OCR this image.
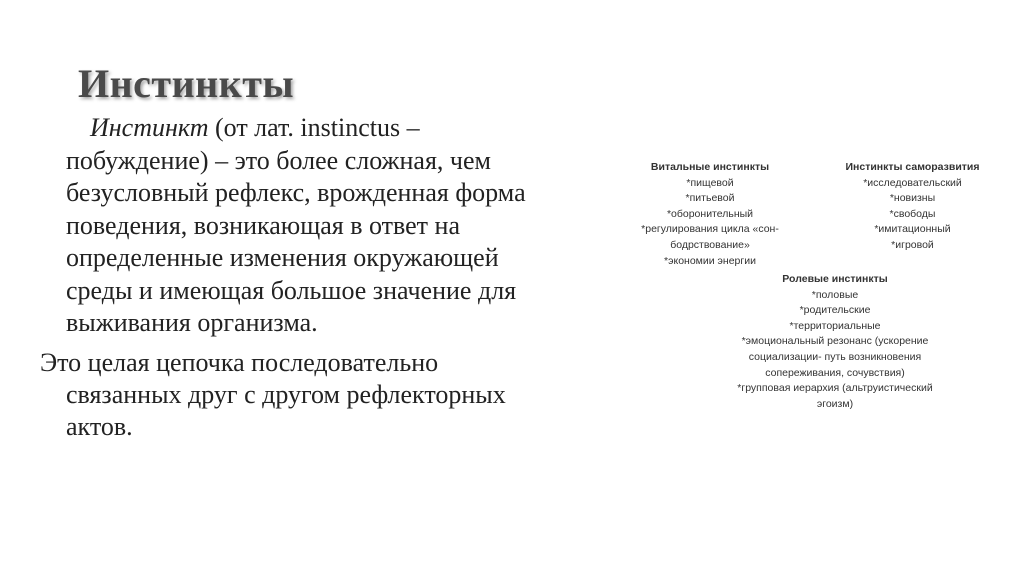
Инстинкты
Инстинкт (от лат. instinctus –
побуждение) – это более сложная, чем
безусловный рефлекс, врожденная форма
поведения, возникающая в ответ на
определенные изменения окружающей
среды и имеющая большое значение для
выживания организма.
Это целая цепочка последовательно
связанных друг с другом рефлекторных
актов.
Витальные инстинкты
*пищевой
*питьевой
*оборонительный
*регулирования цикла «сон-
бодрствование»
*экономии энергии
Инстинкты саморазвития
*исследовательский
*новизны
*свободы
*имитационный
*игровой
Ролевые инстинкты
*половые
*родительские
*территориальные
*эмоциональный резонанс (ускорение
социализации- путь возникновения
сопереживания, сочувствия)
*групповая иерархия (альтруистический
эгоизм)
